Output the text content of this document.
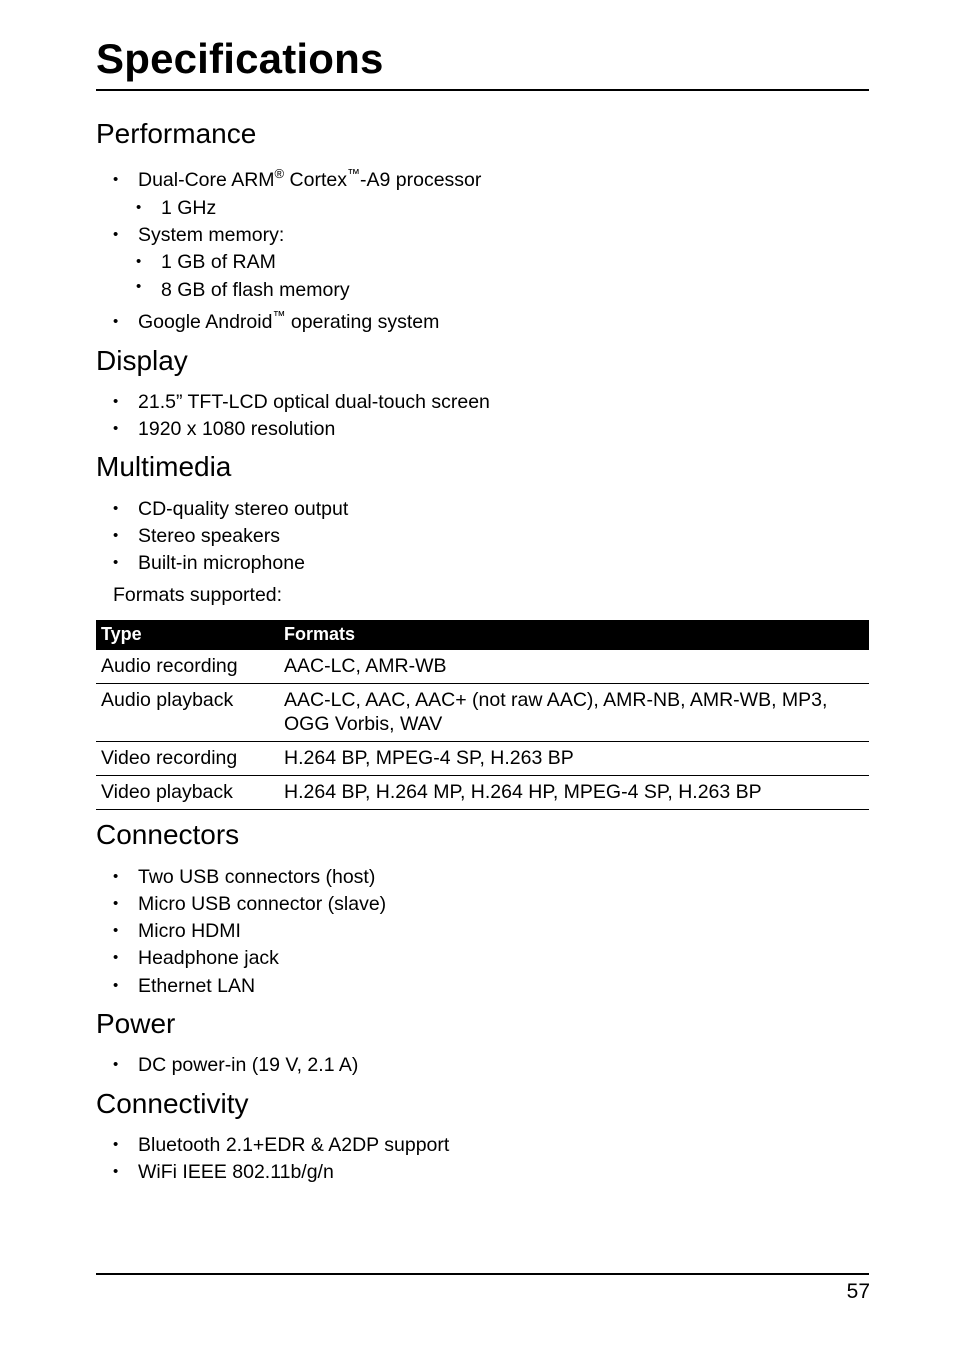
Specifications
Performance
• Dual-Core ARM® Cortex™-A9 processor
• 1 GHz
• System memory:
• 1 GB of RAM
• 8 GB of flash memory
• Google Android™ operating system
Display
• 21.5” TFT-LCD optical dual-touch screen
• 1920 x 1080 resolution
Multimedia
• CD-quality stereo output
• Stereo speakers
• Built-in microphone
Formats supported:
Type	Formats
Audio recording	AAC-LC, AMR-WB
Audio playback	AAC-LC, AAC, AAC+ (not raw AAC), AMR-NB, AMR-WB, MP3, OGG Vorbis, WAV
Video recording	H.264 BP, MPEG-4 SP, H.263 BP
Video playback	H.264 BP, H.264 MP, H.264 HP, MPEG-4 SP, H.263 BP
Connectors
• Two USB connectors (host)
• Micro USB connector (slave)
• Micro HDMI
• Headphone jack
• Ethernet LAN
Power
• DC power-in (19 V, 2.1 A)
Connectivity
• Bluetooth 2.1+EDR & A2DP support
• WiFi IEEE 802.11b/g/n
57
